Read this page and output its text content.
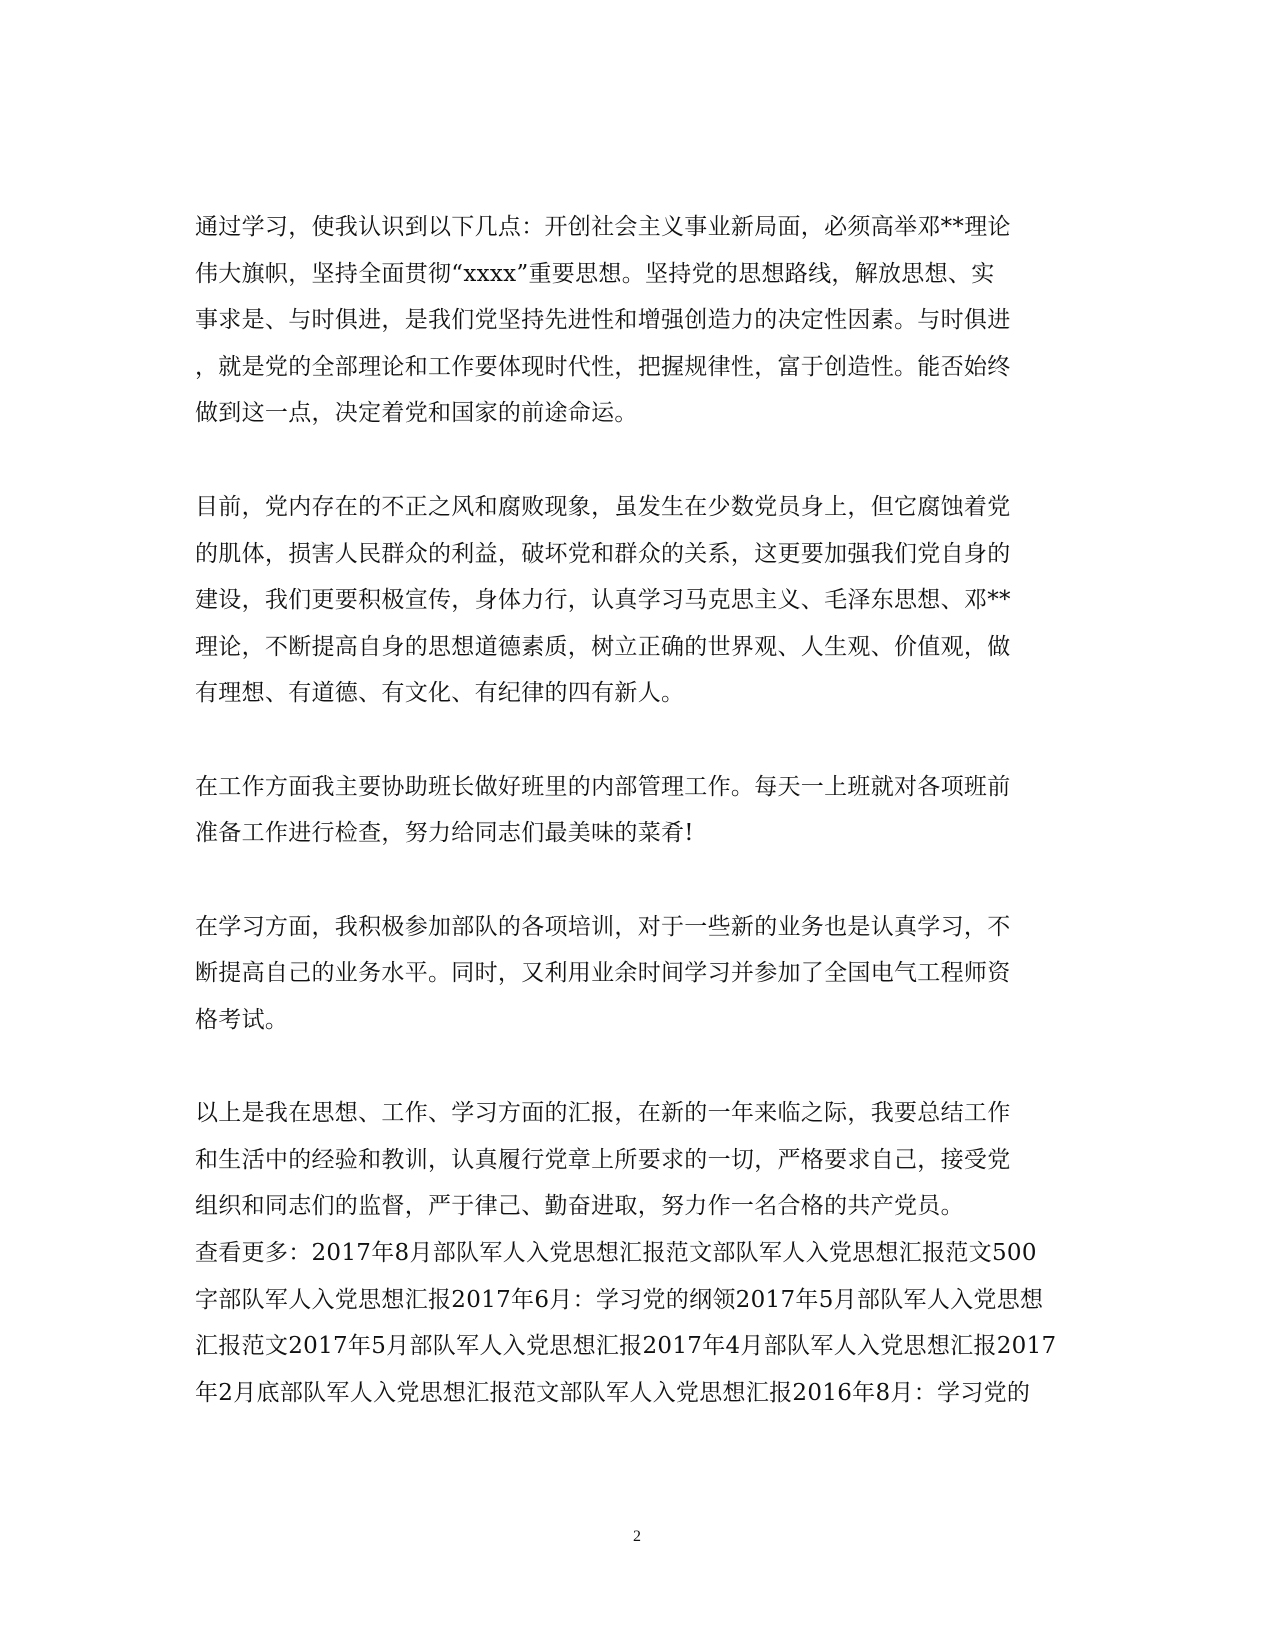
通过学习，使我认识到以下几点：开创社会主义事业新局面，必须高举邓**理论
伟大旗帜，坚持全面贯彻“xxxx”重要思想。坚持党的思想路线，解放思想、实
事求是、与时俱进，是我们党坚持先进性和增强创造力的决定性因素。与时俱进
，就是党的全部理论和工作要体现时代性，把握规律性，富于创造性。能否始终
做到这一点，决定着党和国家的前途命运。
目前，党内存在的不正之风和腐败现象，虽发生在少数党员身上，但它腐蚀着党
的肌体，损害人民群众的利益，破坏党和群众的关系，这更要加强我们党自身的
建设，我们更要积极宣传，身体力行，认真学习马克思主义、毛泽东思想、邓**
理论，不断提高自身的思想道德素质，树立正确的世界观、人生观、价值观，做
有理想、有道德、有文化、有纪律的四有新人。
在工作方面我主要协助班长做好班里的内部管理工作。每天一上班就对各项班前
准备工作进行检查，努力给同志们最美味的菜肴!
在学习方面，我积极参加部队的各项培训，对于一些新的业务也是认真学习，不
断提高自己的业务水平。同时，又利用业余时间学习并参加了全国电气工程师资
格考试。
以上是我在思想、工作、学习方面的汇报，在新的一年来临之际，我要总结工作
和生活中的经验和教训，认真履行党章上所要求的一切，严格要求自己，接受党
组织和同志们的监督，严于律己、勤奋进取，努力作一名合格的共产党员。
查看更多：2017年8月部队军人入党思想汇报范文部队军人入党思想汇报范文500
字部队军人入党思想汇报2017年6月：学习党的纲领2017年5月部队军人入党思想
汇报范文2017年5月部队军人入党思想汇报2017年4月部队军人入党思想汇报2017
年2月底部队军人入党思想汇报范文部队军人入党思想汇报2016年8月：学习党的
2
